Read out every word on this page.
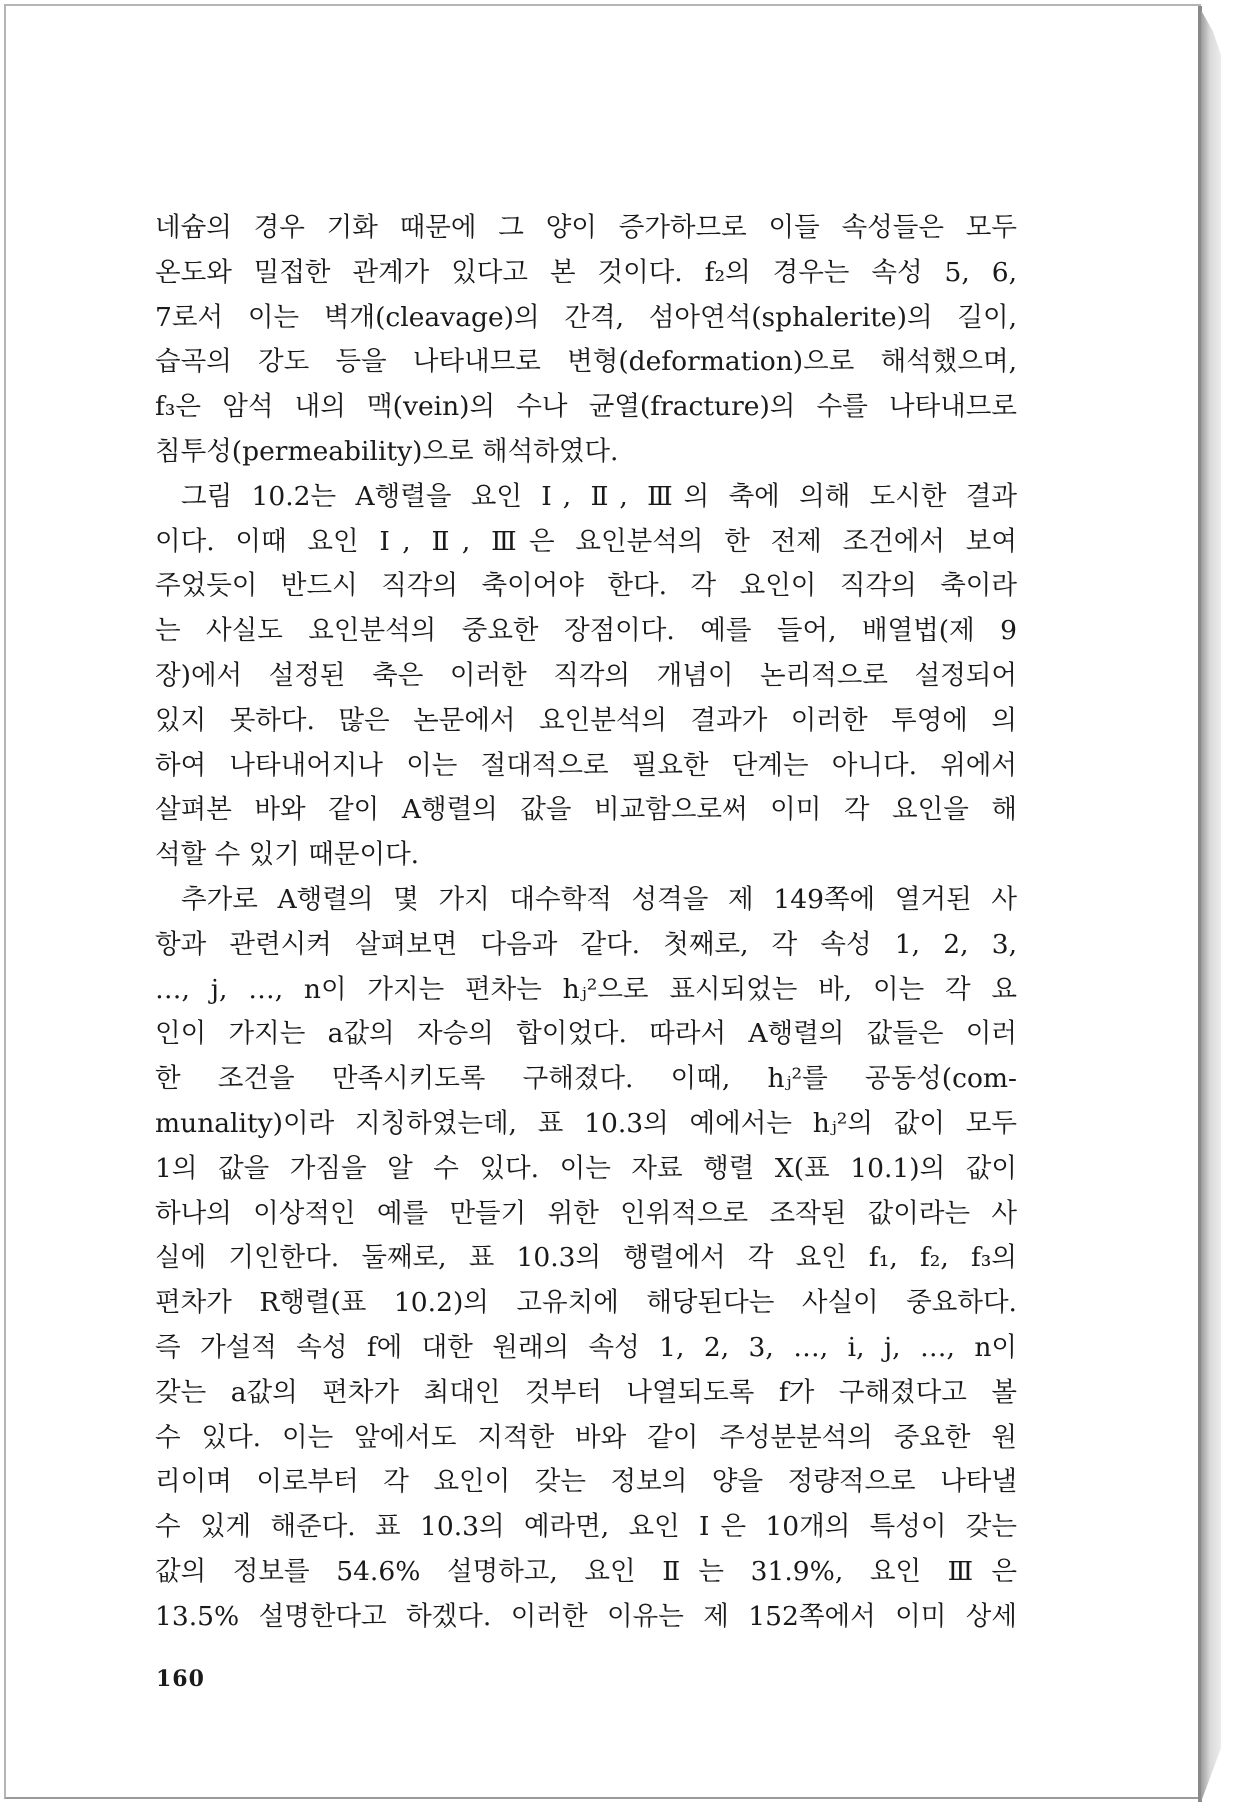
네슘의 경우 기화 때문에 그 양이 증가하므로 이들 속성들은 모두
온도와 밀접한 관계가 있다고 본 것이다. f₂의 경우는 속성 5, 6,
7로서 이는 벽개(cleavage)의 간격, 섬아연석(sphalerite)의 길이,
습곡의 강도 등을 나타내므로 변형(deformation)으로 해석했으며,
f₃은 암석 내의 맥(vein)의 수나 균열(fracture)의 수를 나타내므로
침투성(permeability)으로 해석하였다.
그림 10.2는 A행렬을 요인 Ⅰ, Ⅱ, Ⅲ의 축에 의해 도시한 결과
이다. 이때 요인 Ⅰ, Ⅱ, Ⅲ은 요인분석의 한 전제 조건에서 보여
주었듯이 반드시 직각의 축이어야 한다. 각 요인이 직각의 축이라
는 사실도 요인분석의 중요한 장점이다. 예를 들어, 배열법(제 9
장)에서 설정된 축은 이러한 직각의 개념이 논리적으로 설정되어
있지 못하다. 많은 논문에서 요인분석의 결과가 이러한 투영에 의
하여 나타내어지나 이는 절대적으로 필요한 단계는 아니다. 위에서
살펴본 바와 같이 A행렬의 값을 비교함으로써 이미 각 요인을 해
석할 수 있기 때문이다.
추가로 A행렬의 몇 가지 대수학적 성격을 제 149쪽에 열거된 사
항과 관련시켜 살펴보면 다음과 같다. 첫째로, 각 속성 1, 2, 3,
…, j, …, n이 가지는 편차는 hⱼ²으로 표시되었는 바, 이는 각 요
인이 가지는 a값의 자승의 합이었다. 따라서 A행렬의 값들은 이러
한 조건을 만족시키도록 구해졌다. 이때, hⱼ²를 공동성(com-
munality)이라 지칭하였는데, 표 10.3의 예에서는 hⱼ²의 값이 모두
1의 값을 가짐을 알 수 있다. 이는 자료 행렬 X(표 10.1)의 값이
하나의 이상적인 예를 만들기 위한 인위적으로 조작된 값이라는 사
실에 기인한다. 둘째로, 표 10.3의 행렬에서 각 요인 f₁, f₂, f₃의
편차가 R행렬(표 10.2)의 고유치에 해당된다는 사실이 중요하다.
즉 가설적 속성 f에 대한 원래의 속성 1, 2, 3, …, i, j, …, n이
갖는 a값의 편차가 최대인 것부터 나열되도록 f가 구해졌다고 볼
수 있다. 이는 앞에서도 지적한 바와 같이 주성분분석의 중요한 원
리이며 이로부터 각 요인이 갖는 정보의 양을 정량적으로 나타낼
수 있게 해준다. 표 10.3의 예라면, 요인 Ⅰ은 10개의 특성이 갖는
값의 정보를 54.6% 설명하고, 요인 Ⅱ는 31.9%, 요인 Ⅲ은
13.5% 설명한다고 하겠다. 이러한 이유는 제 152쪽에서 이미 상세
160
